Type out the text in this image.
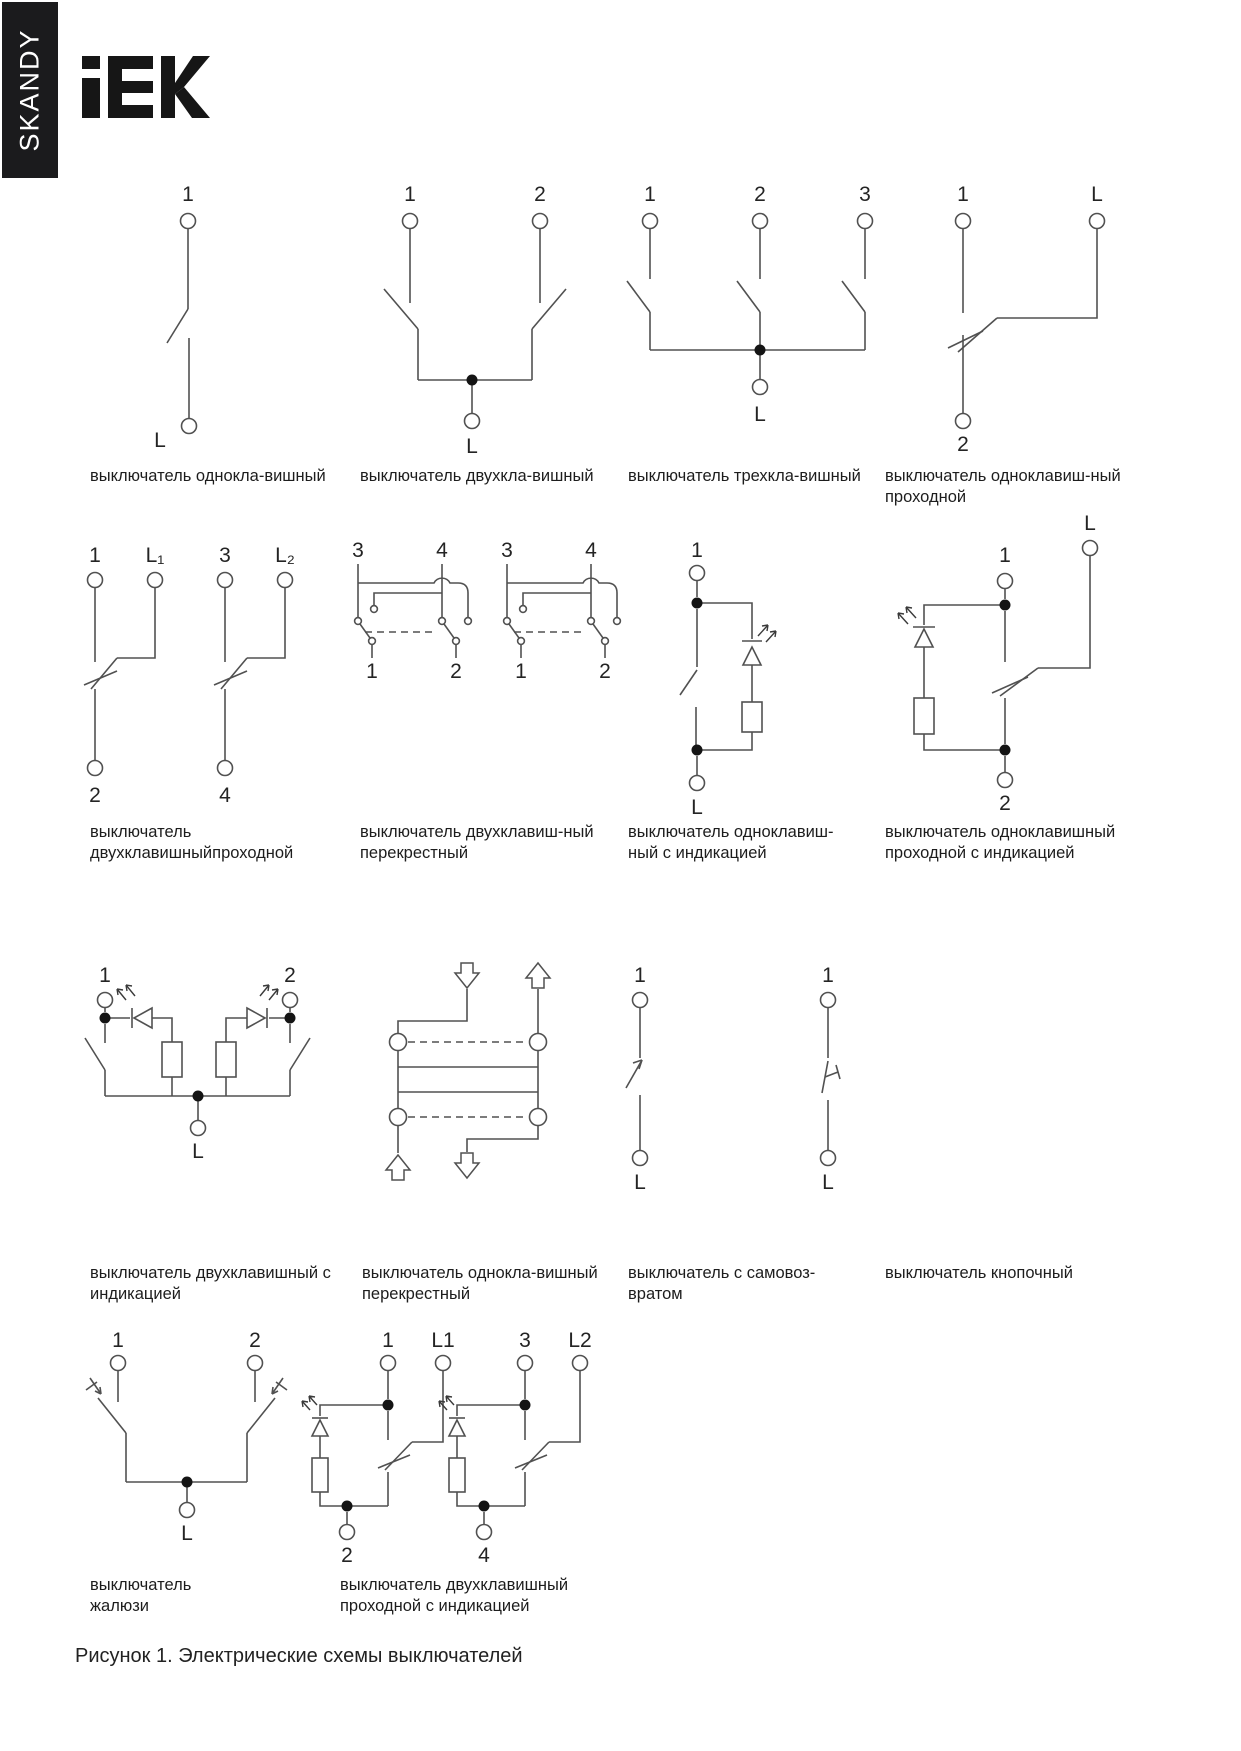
SKANDY
1
L
1	2
L
1	2	3
L
1	L
2
выключатель однокла-вишный	выключатель двухкла-вишный	выключатель трехкла-вишный	выключатель одноклавиш-ный
проходной
1 L₁	3 L₂
2	4
3	4
1	2
3	4
1	2
1
L
1
L
2
выключатель
двухклавишныйпроходной
выключатель двухклавиш-ный
перекрестный
выключатель одноклавиш-
ный с индикацией
выключатель одноклавишный
проходной с индикацией
1	2
L
1
L
1
L
выключатель двухклавишный с
индикацией
выключатель однокла-вишный
перекрестный
выключатель с самовоз-
вратом
выключатель кнопочный
1	2
L
1 L1	3 L2
2	4
выключатель
жалюзи
выключатель двухклавишный
проходной с индикацией
Рисунок 1. Электрические схемы выключателей
